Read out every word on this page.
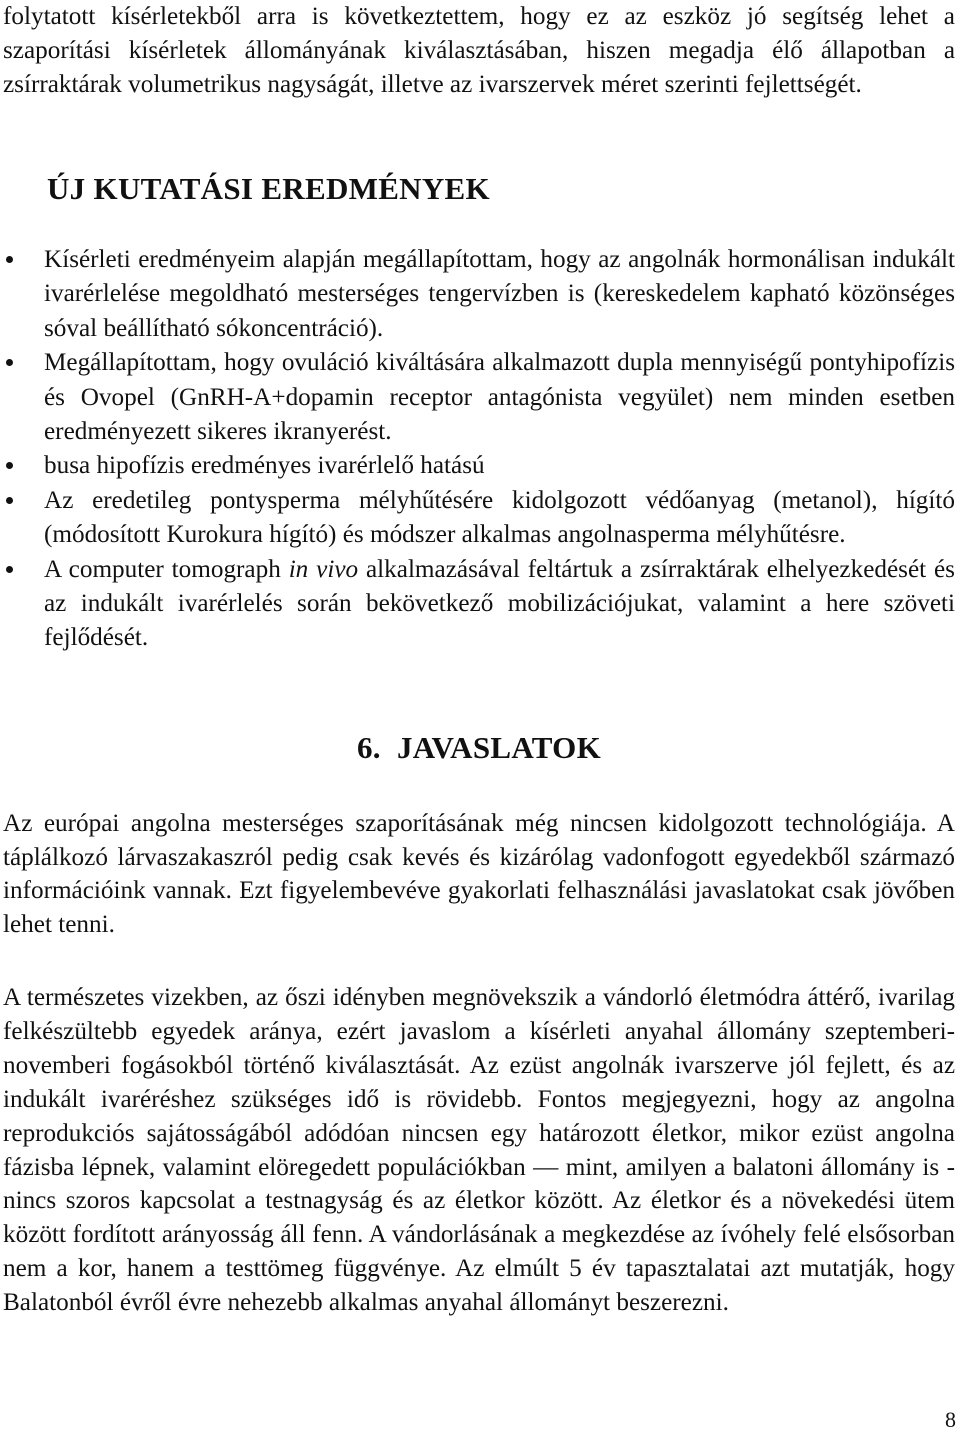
folytatott kísérletekből arra is következtettem, hogy ez az eszköz jó segítség lehet a szaporítási kísérletek állományának kiválasztásában, hiszen megadja élő állapotban a zsírraktárak volumetrikus nagyságát, illetve az ivarszervek méret szerinti fejlettségét.

ÚJ KUTATÁSI EREDMÉNYEK
Kísérleti eredményeim alapján megállapítottam, hogy az angolnák hormonálisan indukált ivarérlelése megoldható mesterséges tengervízben is (kereskedelem kapható közönséges sóval beállítható sókoncentráció).
Megállapítottam, hogy ovuláció kiváltására alkalmazott dupla mennyiségű pontyhipofízis és Ovopel (GnRH-A+dopamin receptor antagónista vegyület) nem minden esetben eredményezett sikeres ikranyerést.
busa hipofízis eredményes ivarérlelő hatású
Az eredetileg pontysperma mélyhűtésére kidolgozott védőanyag (metanol), hígító (módosított Kurokura hígító) és módszer alkalmas angolnasperma mélyhűtésre.
A computer tomograph in vivo alkalmazásával feltártuk a zsírraktárak elhelyezkedését és az indukált ivarérlelés során bekövetkező mobilizációjukat, valamint a here szöveti fejlődését.
6. JAVASLATOK

Az európai angolna mesterséges szaporításának még nincsen kidolgozott technológiája. A táplálkozó lárvaszakaszról pedig csak kevés és kizárólag vadonfogott egyedekből származó információink vannak. Ezt figyelembevéve gyakorlati felhasználási javaslatokat csak jövőben lehet tenni.

A természetes vizekben, az őszi idényben megnövekszik a vándorló életmódra áttérő, ivarilag felkészültebb egyedek aránya, ezért javaslom a kísérleti anyahal állomány szeptemberi-novemberi fogásokból történő kiválasztását. Az ezüst angolnák ivarszerve jól fejlett, és az indukált ivaréréshez szükséges idő is rövidebb. Fontos megjegyezni, hogy az angolna reprodukciós sajátosságából adódóan nincsen egy határozott életkor, mikor ezüst angolna fázisba lépnek, valamint elöregedett populációkban — mint, amilyen a balatoni állomány is - nincs szoros kapcsolat a testnagyság és az életkor között. Az életkor és a növekedési ütem között fordított arányosság áll fenn. A vándorlásának a megkezdése az ívóhely felé elsősorban nem a kor, hanem a testtömeg függvénye. Az elmúlt 5 év tapasztalatai azt mutatják, hogy Balatonból évről évre nehezebb alkalmas anyahal állományt beszerezni.

8
